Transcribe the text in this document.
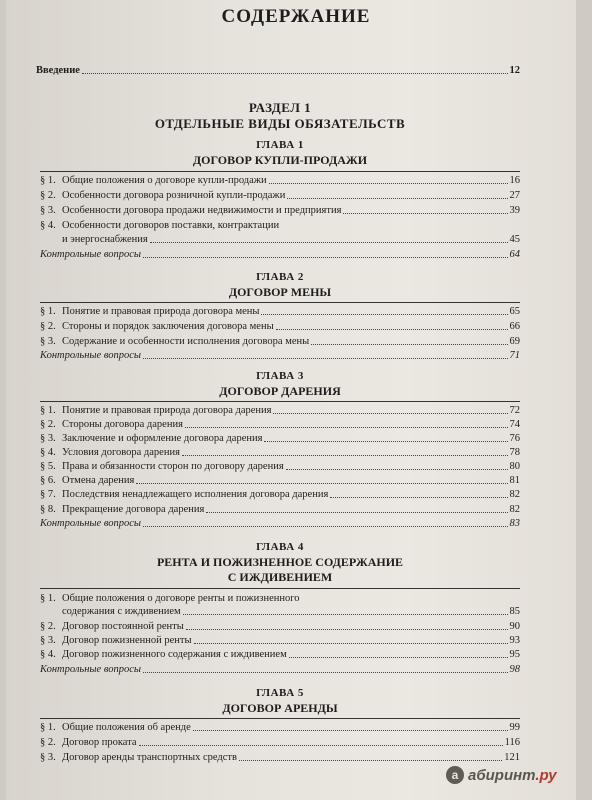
СОДЕРЖАНИЕ
Введение	12
РАЗДЕЛ 1
ОТДЕЛЬНЫЕ ВИДЫ ОБЯЗАТЕЛЬСТВ
ГЛАВА 1
ДОГОВОР КУПЛИ-ПРОДАЖИ
§ 1. Общие положения о договоре купли-продажи	16
§ 2. Особенности договора розничной купли-продажи	27
§ 3. Особенности договора продажи недвижимости и предприятия	39
§ 4. Особенности договоров поставки, контрактации
и энергоснабжения	45
Контрольные вопросы	64
ГЛАВА 2
ДОГОВОР МЕНЫ
§ 1. Понятие и правовая природа договора мены	65
§ 2. Стороны и порядок заключения договора мены	66
§ 3. Содержание и особенности исполнения договора мены	69
Контрольные вопросы	71
ГЛАВА 3
ДОГОВОР ДАРЕНИЯ
§ 1. Понятие и правовая природа договора дарения	72
§ 2. Стороны договора дарения	74
§ 3. Заключение и оформление договора дарения	76
§ 4. Условия договора дарения	78
§ 5. Права и обязанности сторон по договору дарения	80
§ 6. Отмена дарения	81
§ 7. Последствия ненадлежащего исполнения договора дарения	82
§ 8. Прекращение договора дарения	82
Контрольные вопросы	83
ГЛАВА 4
РЕНТА И ПОЖИЗНЕННОЕ СОДЕРЖАНИЕ
С ИЖДИВЕНИЕМ
§ 1. Общие положения о договоре ренты и пожизненного
содержания с иждивением	85
§ 2. Договор постоянной ренты	90
§ 3. Договор пожизненной ренты	93
§ 4. Договор пожизненного содержания с иждивением	95
Контрольные вопросы	98
ГЛАВА 5
ДОГОВОР АРЕНДЫ
§ 1. Общие положения об аренде	99
§ 2. Договор проката	116
§ 3. Договор аренды транспортных средств	121
a абиринт.ру
